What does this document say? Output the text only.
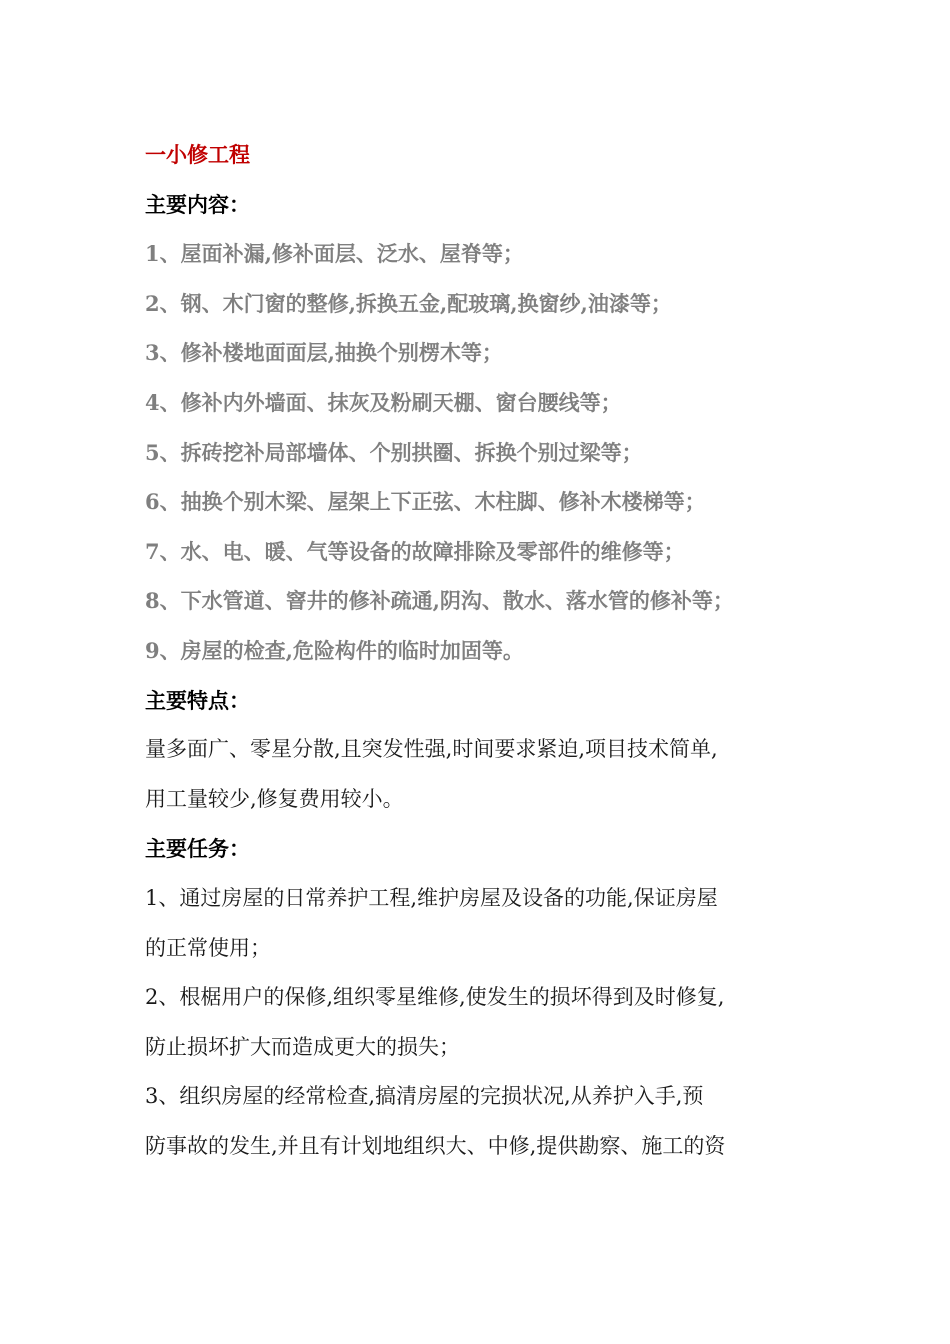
一小修工程

主要内容：

1、屋面补漏,修补面层、泛水、屋脊等；

2、钢、木门窗的整修,拆换五金,配玻璃,换窗纱,油漆等；

3、修补楼地面面层,抽换个别楞木等；

4、修补内外墙面、抹灰及粉刷天棚、窗台腰线等；

5、拆砖挖补局部墙体、个别拱圈、拆换个别过梁等；

6、抽换个别木梁、屋架上下正弦、木柱脚、修补木楼梯等；

7、水、电、暖、气等设备的故障排除及零部件的维修等；

8、下水管道、窨井的修补疏通,阴沟、散水、落水管的修补等；

9、房屋的检查,危险构件的临时加固等。

主要特点：

量多面广、零星分散,且突发性强,时间要求紧迫,项目技术简单,

用工量较少,修复费用较小。

主要任务：

1、通过房屋的日常养护工程,维护房屋及设备的功能,保证房屋

的正常使用；

2、根椐用户的保修,组织零星维修,使发生的损坏得到及时修复,

防止损坏扩大而造成更大的损失；

3、组织房屋的经常检查,搞清房屋的完损状况,从养护入手,预

防事故的发生,并且有计划地组织大、中修,提供勘察、施工的资
